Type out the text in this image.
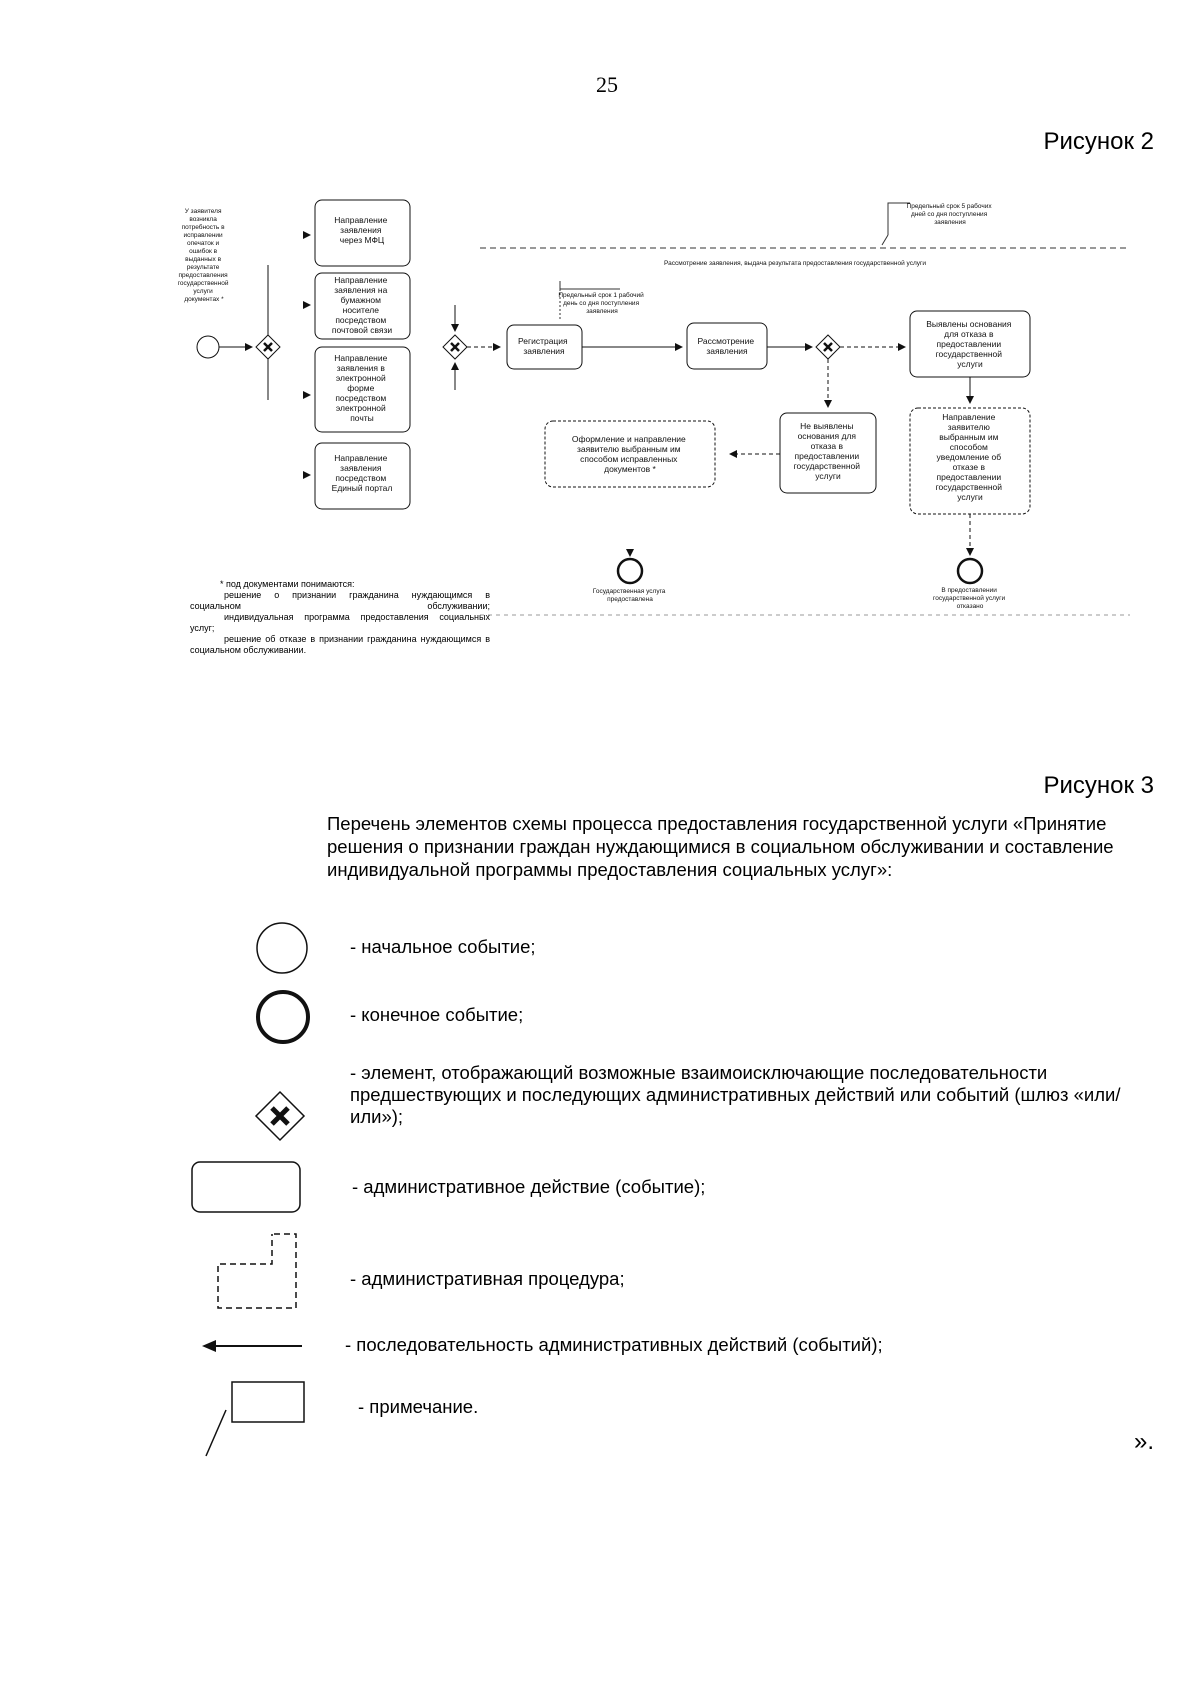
25
Рисунок 2
Предельный срок 5 рабочих дней со дня поступления заявления
Рассмотрение заявления, выдача результата предоставления государственной услуги
У заявителя возникла потребность в исправлении опечаток и ошибок в выданных в результате предоставления государственной услуги документах *
Направление заявления через МФЦ
Направление заявления на бумажном носителе посредством почтовой связи
Направление заявления в электронной форме посредством электронной почты
Направление заявления посредством Единый портал
Предельный срок 1 рабочий день со дня поступления заявления
Регистрация заявления
Рассмотрение заявления
Выявлены основания для отказа в предоставлении государственной услуги
Направление заявителю выбранным им способом уведомление об отказе в предоставлении государственной услуги
Не выявлены основания для отказа в предоставлении государственной услуги
Оформление и направление заявителю выбранным им способом исправленных документов *
Государственная услуга предоставлена
В предоставлении государственной услуги отказано
* под документами понимаются:
решение о признании гражданина нуждающимся в социальном обслуживании;
индивидуальная программа предоставления социальных услуг;
решение об отказе в признании гражданина нуждающимся в социальном обслуживании.
Рисунок 3
Перечень элементов схемы процесса предоставления государственной услуги «Принятие решения о признании граждан нуждающимися в социальном обслуживании и составление индивидуальной программы предоставления социальных услуг»:
- начальное событие;
- конечное событие;
- элемент, отображающий возможные взаимоисключающие последовательности предшествующих и последующих административных действий или событий (шлюз «или/или»);
- административное действие (событие);
- административная процедура;
- последовательность административных действий (событий);
- примечание.
».
